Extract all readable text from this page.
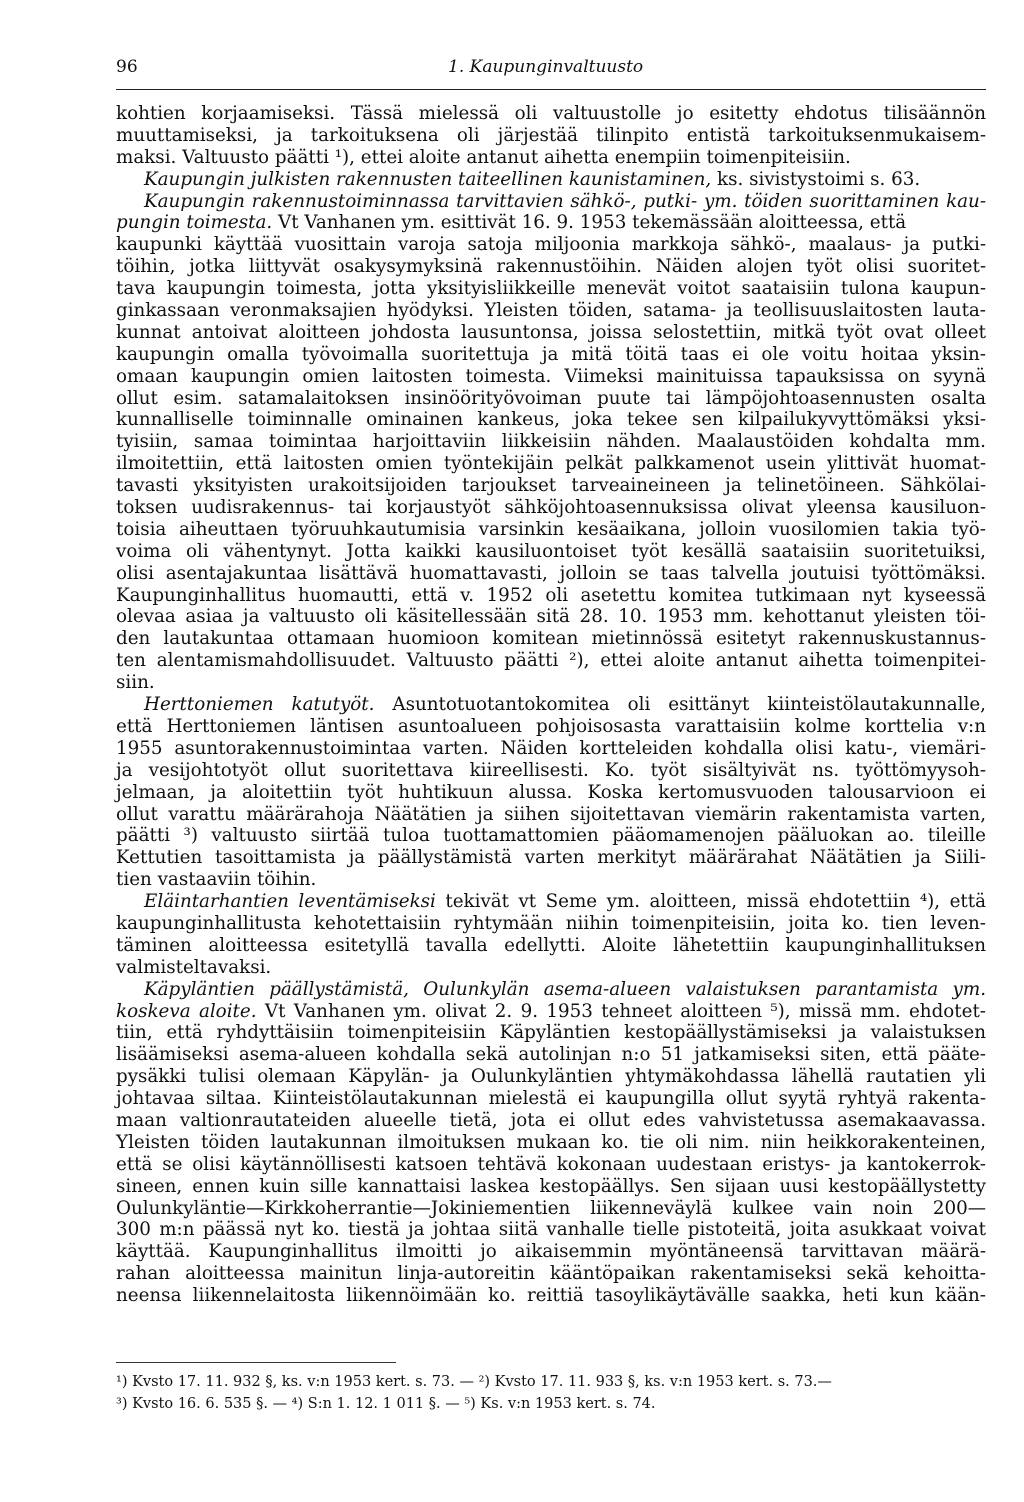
96	1. Kaupunginvaltuusto
kohtien korjaamiseksi. Tässä mielessä oli valtuustolle jo esitetty ehdotus tilisäännön
muuttamiseksi, ja tarkoituksena oli järjestää tilinpito entistä tarkoituksenmukaisem-
maksi. Valtuusto päätti ¹), ettei aloite antanut aihetta enempiin toimenpiteisiin.
Kaupungin julkisten rakennusten taiteellinen kaunistaminen, ks. sivistystoimi s. 63.
Kaupungin rakennustoiminnassa tarvittavien sähkö-, putki- ym. töiden suorittaminen kau-
pungin toimesta. Vt Vanhanen ym. esittivät 16. 9. 1953 tekemässään aloitteessa, että
kaupunki käyttää vuosittain varoja satoja miljoonia markkoja sähkö-, maalaus- ja putki-
töihin, jotka liittyvät osakysymyksinä rakennustöihin. Näiden alojen työt olisi suoritet-
tava kaupungin toimesta, jotta yksityisliikkeille menevät voitot saataisiin tulona kaupun-
ginkassaan veronmaksajien hyödyksi. Yleisten töiden, satama- ja teollisuuslaitosten lauta-
kunnat antoivat aloitteen johdosta lausuntonsa, joissa selostettiin, mitkä työt ovat olleet
kaupungin omalla työvoimalla suoritettuja ja mitä töitä taas ei ole voitu hoitaa yksin-
omaan kaupungin omien laitosten toimesta. Viimeksi mainituissa tapauksissa on syynä
ollut esim. satamalaitoksen insinöörityövoiman puute tai lämpöjohtoasennusten osalta
kunnalliselle toiminnalle ominainen kankeus, joka tekee sen kilpailukyvyttömäksi yksi-
tyisiin, samaa toimintaa harjoittaviin liikkeisiin nähden. Maalaustöiden kohdalta mm.
ilmoitettiin, että laitosten omien työntekijäin pelkät palkkamenot usein ylittivät huomat-
tavasti yksityisten urakoitsijoiden tarjoukset tarveaineineen ja telinetöineen. Sähkölai-
toksen uudisrakennus- tai korjaustyöt sähköjohtoasennuksissa olivat yleensa kausiluon-
toisia aiheuttaen työruuhkautumisia varsinkin kesäaikana, jolloin vuosilomien takia työ-
voima oli vähentynyt. Jotta kaikki kausiluontoiset työt kesällä saataisiin suoritetuiksi,
olisi asentajakuntaa lisättävä huomattavasti, jolloin se taas talvella joutuisi työttömäksi.
Kaupunginhallitus huomautti, että v. 1952 oli asetettu komitea tutkimaan nyt kyseessä
olevaa asiaa ja valtuusto oli käsitellessään sitä 28. 10. 1953 mm. kehottanut yleisten töi-
den lautakuntaa ottamaan huomioon komitean mietinnössä esitetyt rakennuskustannus-
ten alentamismahdollisuudet. Valtuusto päätti ²), ettei aloite antanut aihetta toimenpitei-
siin.
Herttoniemen katutyöt. Asuntotuotantokomitea oli esittänyt kiinteistölautakunnalle,
että Herttoniemen läntisen asuntoalueen pohjoisosasta varattaisiin kolme korttelia v:n
1955 asuntorakennustoimintaa varten. Näiden kortteleiden kohdalla olisi katu-, viemäri-
ja vesijohtotyöt ollut suoritettava kiireellisesti. Ko. työt sisältyivät ns. työttömyysoh-
jelmaan, ja aloitettiin työt huhtikuun alussa. Koska kertomusvuoden talousarvioon ei
ollut varattu määrärahoja Näätätien ja siihen sijoitettavan viemärin rakentamista varten,
päätti ³) valtuusto siirtää tuloa tuottamattomien pääomamenojen pääluokan ao. tileille
Kettutien tasoittamista ja päällystämistä varten merkityt määrärahat Näätätien ja Siili-
tien vastaaviin töihin.
Eläintarhantien leventämiseksi tekivät vt Seme ym. aloitteen, missä ehdotettiin ⁴), että
kaupunginhallitusta kehotettaisiin ryhtymään niihin toimenpiteisiin, joita ko. tien leven-
täminen aloitteessa esitetyllä tavalla edellytti. Aloite lähetettiin kaupunginhallituksen
valmisteltavaksi.
Käpyläntien päällystämistä, Oulunkylän asema-alueen valaistuksen parantamista ym.
koskeva aloite. Vt Vanhanen ym. olivat 2. 9. 1953 tehneet aloitteen ⁵), missä mm. ehdotet-
tiin, että ryhdyttäisiin toimenpiteisiin Käpyläntien kestopäällystämiseksi ja valaistuksen
lisäämiseksi asema-alueen kohdalla sekä autolinjan n:o 51 jatkamiseksi siten, että pääte-
pysäkki tulisi olemaan Käpylän- ja Oulunkyläntien yhtymäkohdassa lähellä rautatien yli
johtavaa siltaa. Kiinteistölautakunnan mielestä ei kaupungilla ollut syytä ryhtyä rakenta-
maan valtionrautateiden alueelle tietä, jota ei ollut edes vahvistetussa asemakaavassa.
Yleisten töiden lautakunnan ilmoituksen mukaan ko. tie oli nim. niin heikkorakenteinen,
että se olisi käytännöllisesti katsoen tehtävä kokonaan uudestaan eristys- ja kantokerrok-
sineen, ennen kuin sille kannattaisi laskea kestopäällys. Sen sijaan uusi kestopäällystetty
Oulunkyläntie—Kirkkoherrantie—Jokiniementien liikenneväylä kulkee vain noin 200—
300 m:n päässä nyt ko. tiestä ja johtaa siitä vanhalle tielle pistoteitä, joita asukkaat voivat
käyttää. Kaupunginhallitus ilmoitti jo aikaisemmin myöntäneensä tarvittavan määrä-
rahan aloitteessa mainitun linja-autoreitin kääntöpaikan rakentamiseksi sekä kehoitta-
neensa liikennelaitosta liikennöimään ko. reittiä tasoylikäytävälle saakka, heti kun kään-
¹) Kvsto 17. 11. 932 §, ks. v:n 1953 kert. s. 73. — ²) Kvsto 17. 11. 933 §, ks. v:n 1953 kert. s. 73.—
³) Kvsto 16. 6. 535 §. — ⁴) S:n 1. 12. 1 011 §. — ⁵) Ks. v:n 1953 kert. s. 74.
